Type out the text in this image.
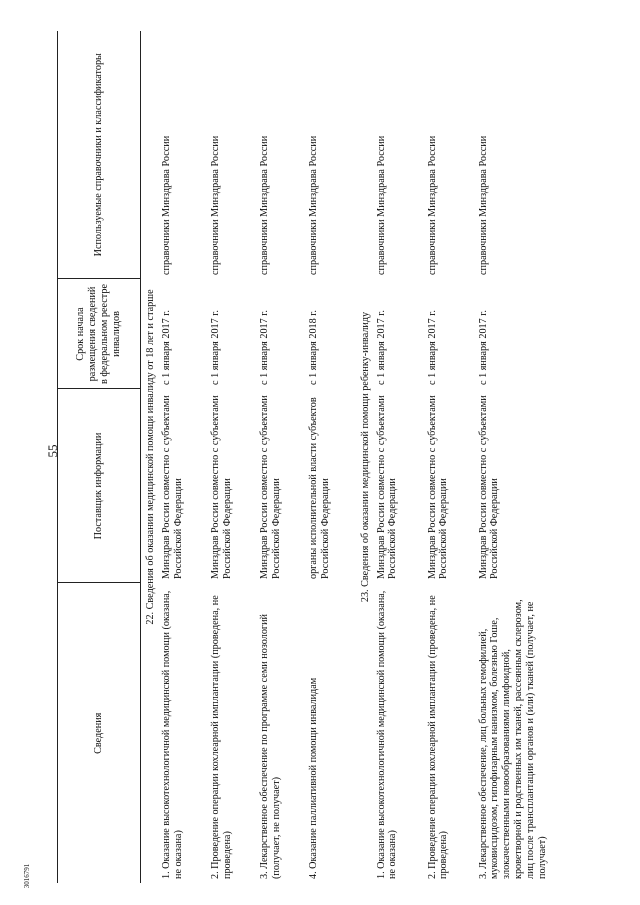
55
3016791
Сведения	Поставщик информации	Срок начала размещения сведений в федеральном реестре инвалидов	Используемые справочники и классификаторы
22. Сведения об оказании медицинской помощи инвалиду от 18 лет и старше			
1. Оказание высокотехнологичной медицинской помощи (оказана, не оказана)	Минздрав России совместно с субъектами Российской Федерации	с 1 января 2017 г.	справочники Минздрава России
2. Проведение операции кохлеарной имплантации (проведена, не проведена)	Минздрав России совместно с субъектами Российской Федерации	с 1 января 2017 г.	справочники Минздрава России
3. Лекарственное обеспечение по программе семи нозологий (получает, не получает)	Минздрав России совместно с субъектами Российской Федерации	с 1 января 2017 г.	справочники Минздрава России
4. Оказание паллиативной помощи инвалидам	органы исполнительной власти субъектов Российской Федерации	с 1 января 2018 г.	справочники Минздрава России
23. Сведения об оказании медицинской помощи ребенку-инвалиду			
1. Оказание высокотехнологичной медицинской помощи (оказана, не оказана)	Минздрав России совместно с субъектами Российской Федерации	с 1 января 2017 г.	справочники Минздрава России
2. Проведение операции кохлеарной имплантации (проведена, не проведена)	Минздрав России совместно с субъектами Российской Федерации	с 1 января 2017 г.	справочники Минздрава России
3. Лекарственное обеспечение, лиц больных гемофилией, муковисцидозом, гипофизарным нанизмом, болезнью Гоше, злокачественными новообразованиями лимфоидной, кроветворной и родственных им тканей, рассеянным склерозом, лиц после трансплантации органов и (или) тканей (получает, не получает)	Минздрав России совместно с субъектами Российской Федерации	с 1 января 2017 г.	справочники Минздрава России
